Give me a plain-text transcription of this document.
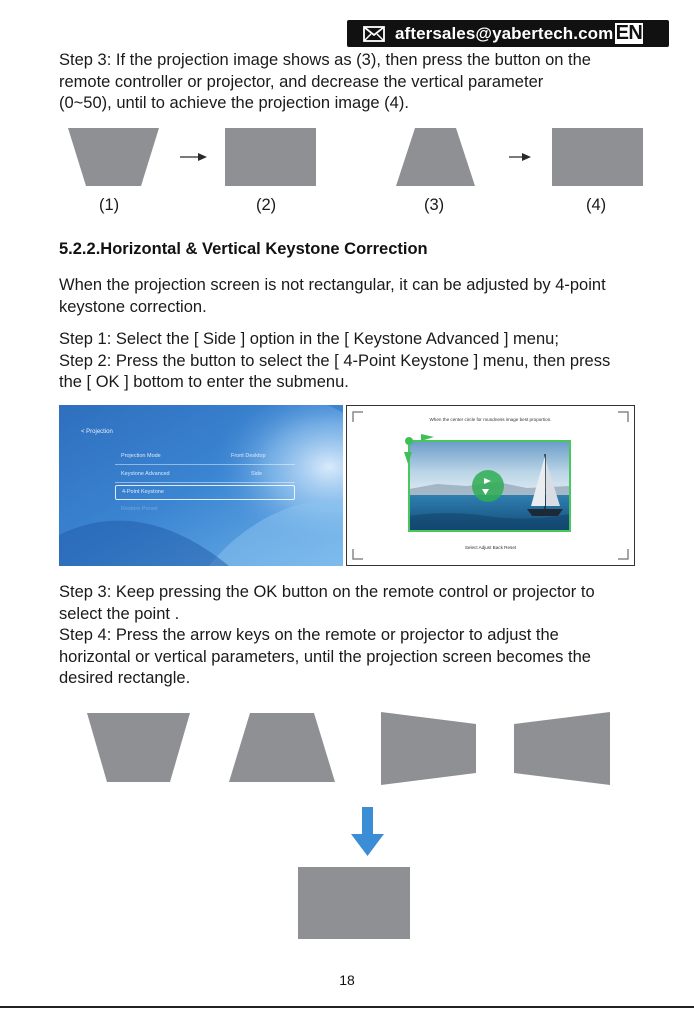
aftersales@yabertech.com EN

Step 3: If the projection image shows as (3), then press the button on the

remote controller or projector, and decrease the vertical parameter

(0~50), until to achieve the projection image (4).

(1)	(2)	(3)	(4)
5.2.2.Horizontal & Vertical Keystone Correction

When the projection screen is not rectangular, it can be adjusted by 4-point

keystone correction.

Step 1: Select the [ Side ] option in the [ Keystone Advanced ] menu;

Step 2: Press the button to select the [ 4-Point Keystone ] menu, then press

the [ OK ] bottom to enter the submenu.

< Projection
Projection Mode	Front Desktop
Keystone Advanced	Side
4-Point Keystone
Restore Preset
When the center circle for roundness image best proportion.
Select Adjust Back Reset

Step 3: Keep pressing the OK button on the remote control or projector to

select the point .

Step 4: Press the arrow keys on the remote or projector to adjust the

horizontal or vertical parameters, until the projection screen becomes the

desired rectangle.

18
